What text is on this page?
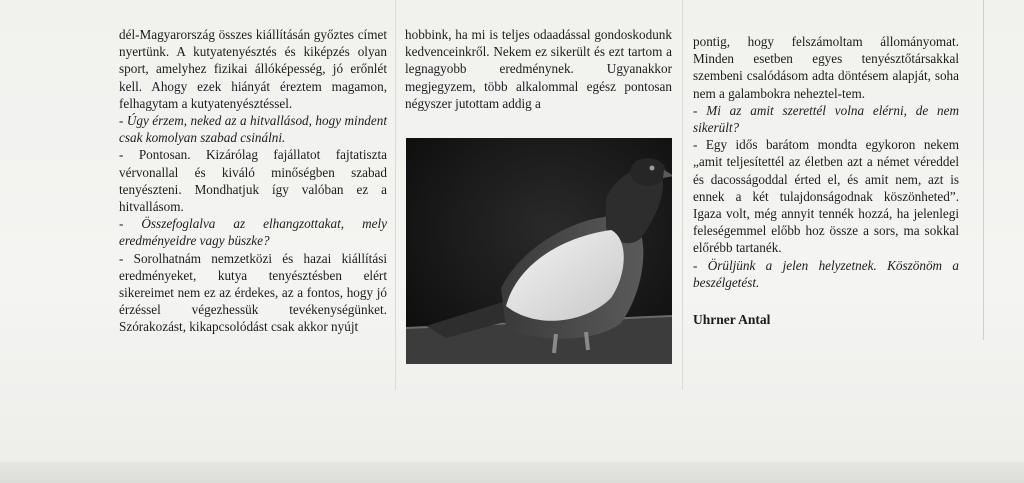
dél-Magyarország összes kiállításán győztes címet nyertünk. A kutyatenyésztés és kiképzés olyan sport, amelyhez fizikai állóképesség, jó erőnlét kell. Ahogy ezek hiányát éreztem magamon, felhagytam a kutyatenyésztéssel.

- Úgy érzem, neked az a hitvallásod, hogy mindent csak komolyan szabad csinálni.

- Pontosan. Kizárólag fajállatot fajtatiszta vérvonallal és kiváló minőségben szabad tenyészteni. Mondhatjuk így valóban ez a hitvallásom.

- Összefoglalva az elhangzottakat, mely eredményeidre vagy büszke?

- Sorolhatnám nemzetközi és hazai kiállítási eredményeket, kutya tenyésztésben elért sikereimet nem ez az érdekes, az a fontos, hogy jó érzéssel végezhessük tevékenységünket. Szórakozást, kikapcsolódást csak akkor nyújt

hobbink, ha mi is teljes odaadással gondoskodunk kedvenceinkről. Nekem ez sikerült és ezt tartom a legnagyobb eredménynek. Ugyanakkor megjegyzem, több alkalommal egész pontosan négyszer jutottam addig a

pontig, hogy felszámoltam állományomat. Minden esetben egyes tenyésztőtársakkal szembeni csalódásom adta döntésem alapját, soha nem a galambokra neheztel-tem.

- Mi az amit szerettél volna elérni, de nem sikerült?

- Egy idős barátom mondta egykoron nekem „amit teljesítettél az életben azt a német véreddel és dacosságoddal érted el, és amit nem, azt is ennek a két tulajdonságodnak köszönheted”. Igaza volt, még annyit tennék hozzá, ha jelenlegi feleségemmel előbb hoz össze a sors, ma sokkal előrébb tartanék.

- Örüljünk a jelen helyzetnek. Köszönöm a beszélgetést.

Uhrner Antal
